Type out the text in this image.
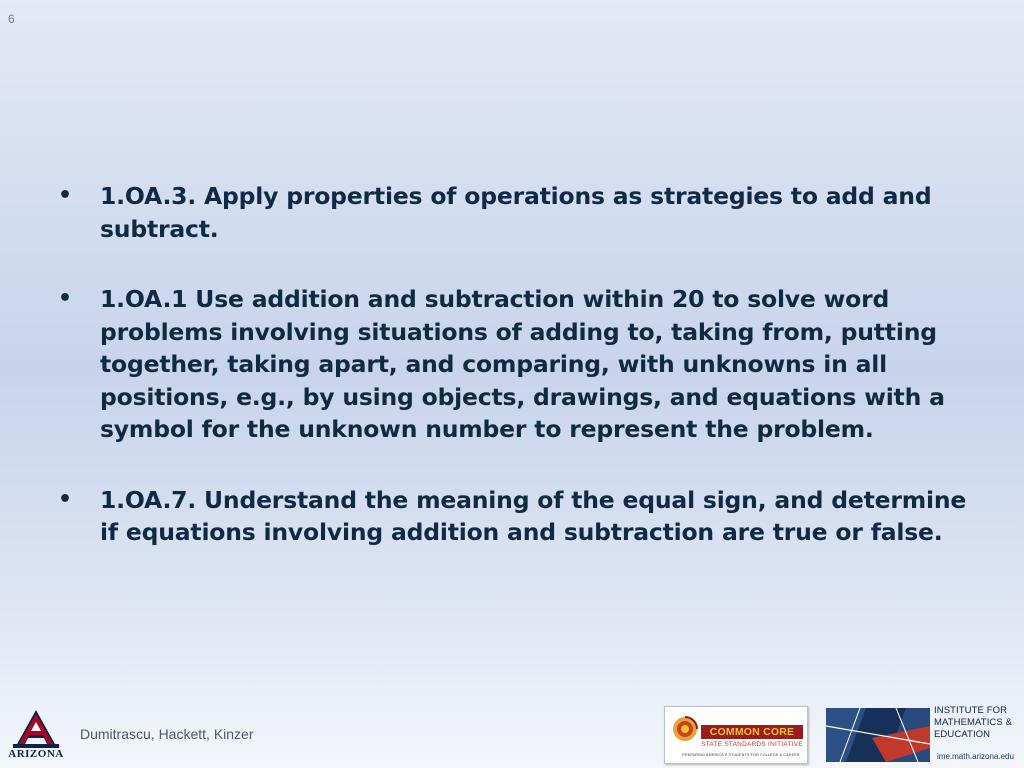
6
• 1.OA.3. Apply properties of operations as strategies to add and subtract.
• 1.OA.1 Use addition and subtraction within 20 to solve word problems involving situations of adding to, taking from, putting together, taking apart, and comparing, with unknowns in all positions, e.g., by using objects, drawings, and equations with a symbol for the unknown number to represent the problem.
• 1.OA.7. Understand the meaning of the equal sign, and determine if equations involving addition and subtraction are true or false.
ARIZONA
Dumitrascu, Hackett, Kinzer	COMMON CORE
STATE STANDARDS INITIATIVE
PREPARING AMERICA'S STUDENTS FOR COLLEGE & CAREER
INSTITUTE FOR
MATHEMATICS &
EDUCATION
ime.math.arizona.edu
